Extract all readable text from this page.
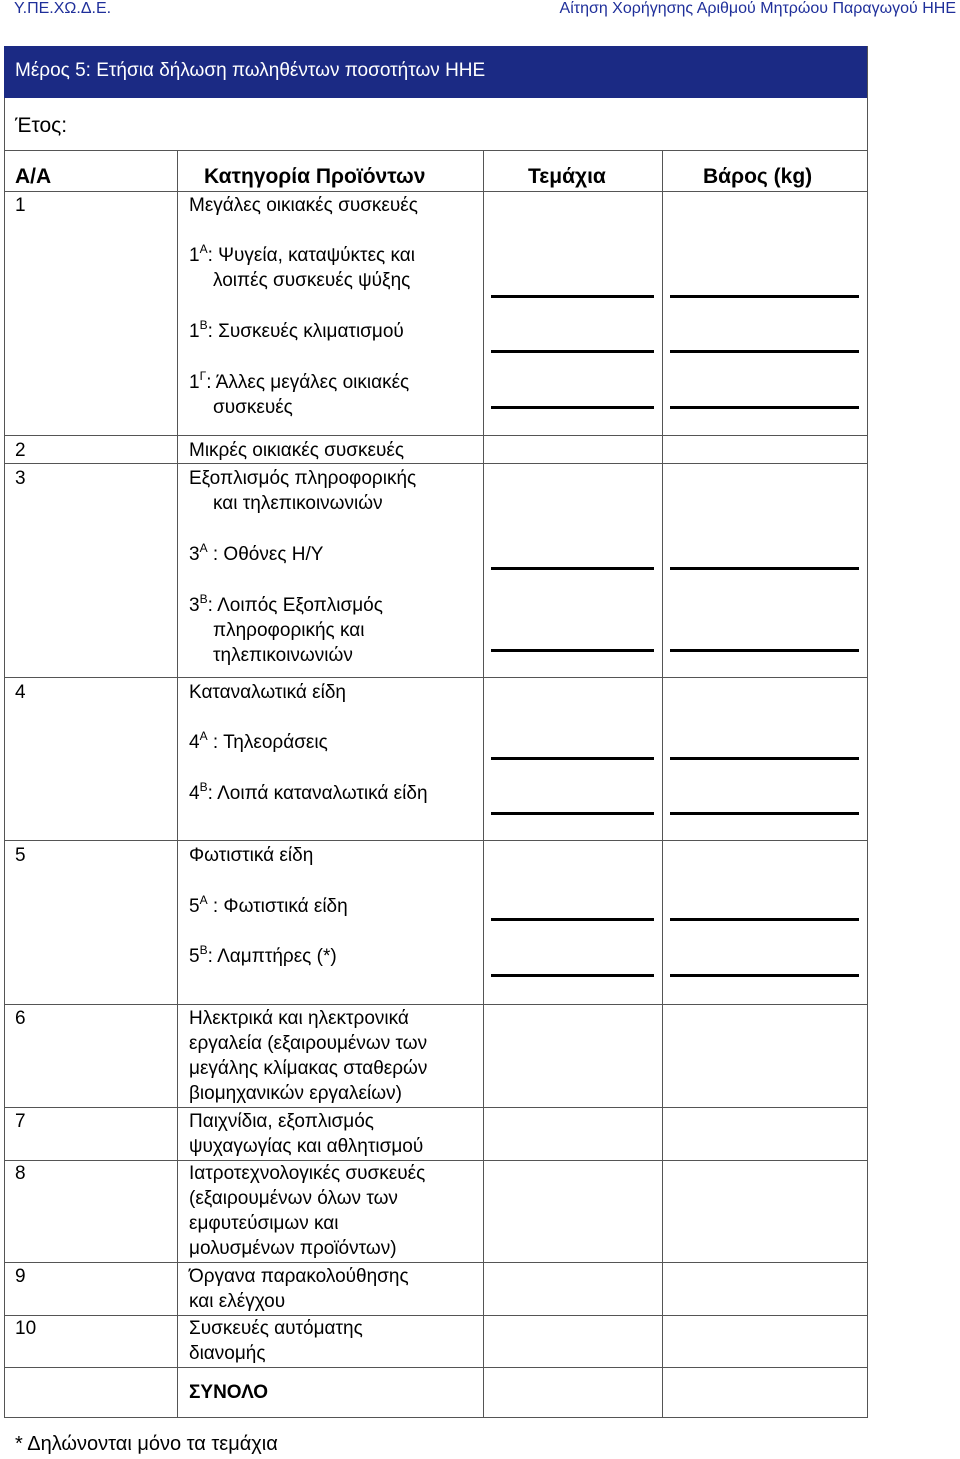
Υ.ΠΕ.ΧΩ.Δ.Ε.	Αίτηση Χορήγησης Αριθμού Μητρώου Παραγωγού ΗΗΕ
Μέρος 5: Ετήσια δήλωση πωληθέντων ποσοτήτων ΗΗΕ
Έτος:
Α/Α	Κατηγορία Προϊόντων	Τεμάχια	Βάρος (kg)
1	Μεγάλες οικιακές συσκευές
$1^A$: Ψυγεία, καταψύκτες και
λοιπές συσκευές ψύξης
$1^B$: Συσκευές κλιματισμού
$1^\Gamma$: Άλλες μεγάλες οικιακές
συσκευές
2	Μικρές οικιακές συσκευές
3	Εξοπλισμός πληροφορικής
και τηλεπικοινωνιών
$3^A$ : Οθόνες Η/Υ
$3^B$: Λοιπός Εξοπλισμός
πληροφορικής και
τηλεπικοινωνιών
4	Καταναλωτικά είδη
$4^A$ : Τηλεοράσεις
$4^B$: Λοιπά καταναλωτικά είδη
5	Φωτιστικά είδη
$5^A$ : Φωτιστικά είδη
$5^B$: Λαμπτήρες (*)
6	Ηλεκτρικά και ηλεκτρονικά
εργαλεία (εξαιρουμένων των
μεγάλης κλίμακας σταθερών
βιομηχανικών εργαλείων)
7	Παιχνίδια, εξοπλισμός
ψυχαγωγίας και αθλητισμού
8	Ιατροτεχνολογικές συσκευές
(εξαιρουμένων όλων των
εμφυτεύσιμων και
μολυσμένων προϊόντων)
9	Όργανα παρακολούθησης
και ελέγχου
10	Συσκευές αυτόματης
διανομής
ΣΥΝΟΛΟ
* Δηλώνονται μόνο τα τεμάχια
